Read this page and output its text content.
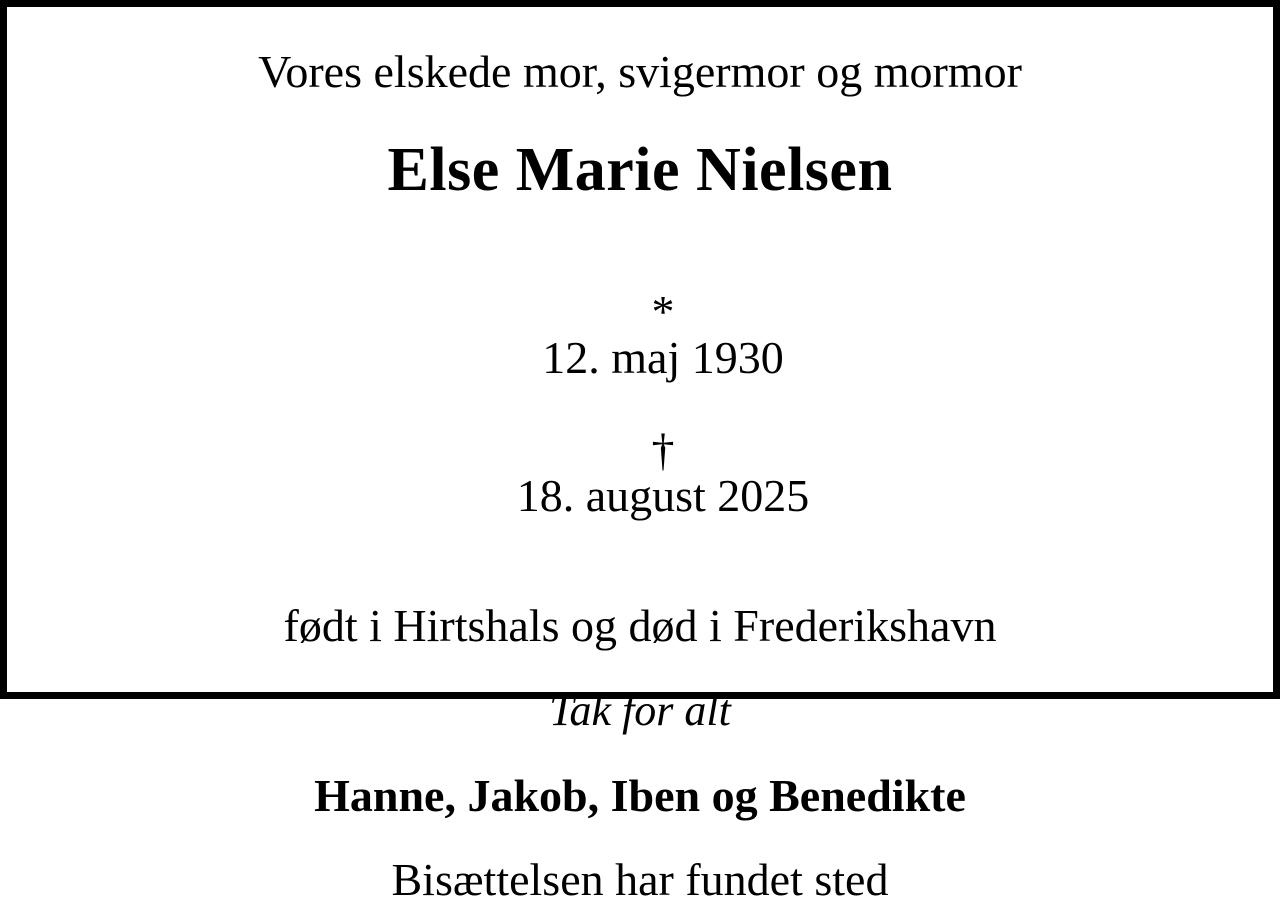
Vores elskede mor, svigermor og mormor
Else Marie Nielsen

*
12. maj 1930

†
18. august 2025

født i Hirtshals og død i Frederikshavn
Tak for alt
Hanne, Jakob, Iben og Benedikte
Bisættelsen har fundet sted
